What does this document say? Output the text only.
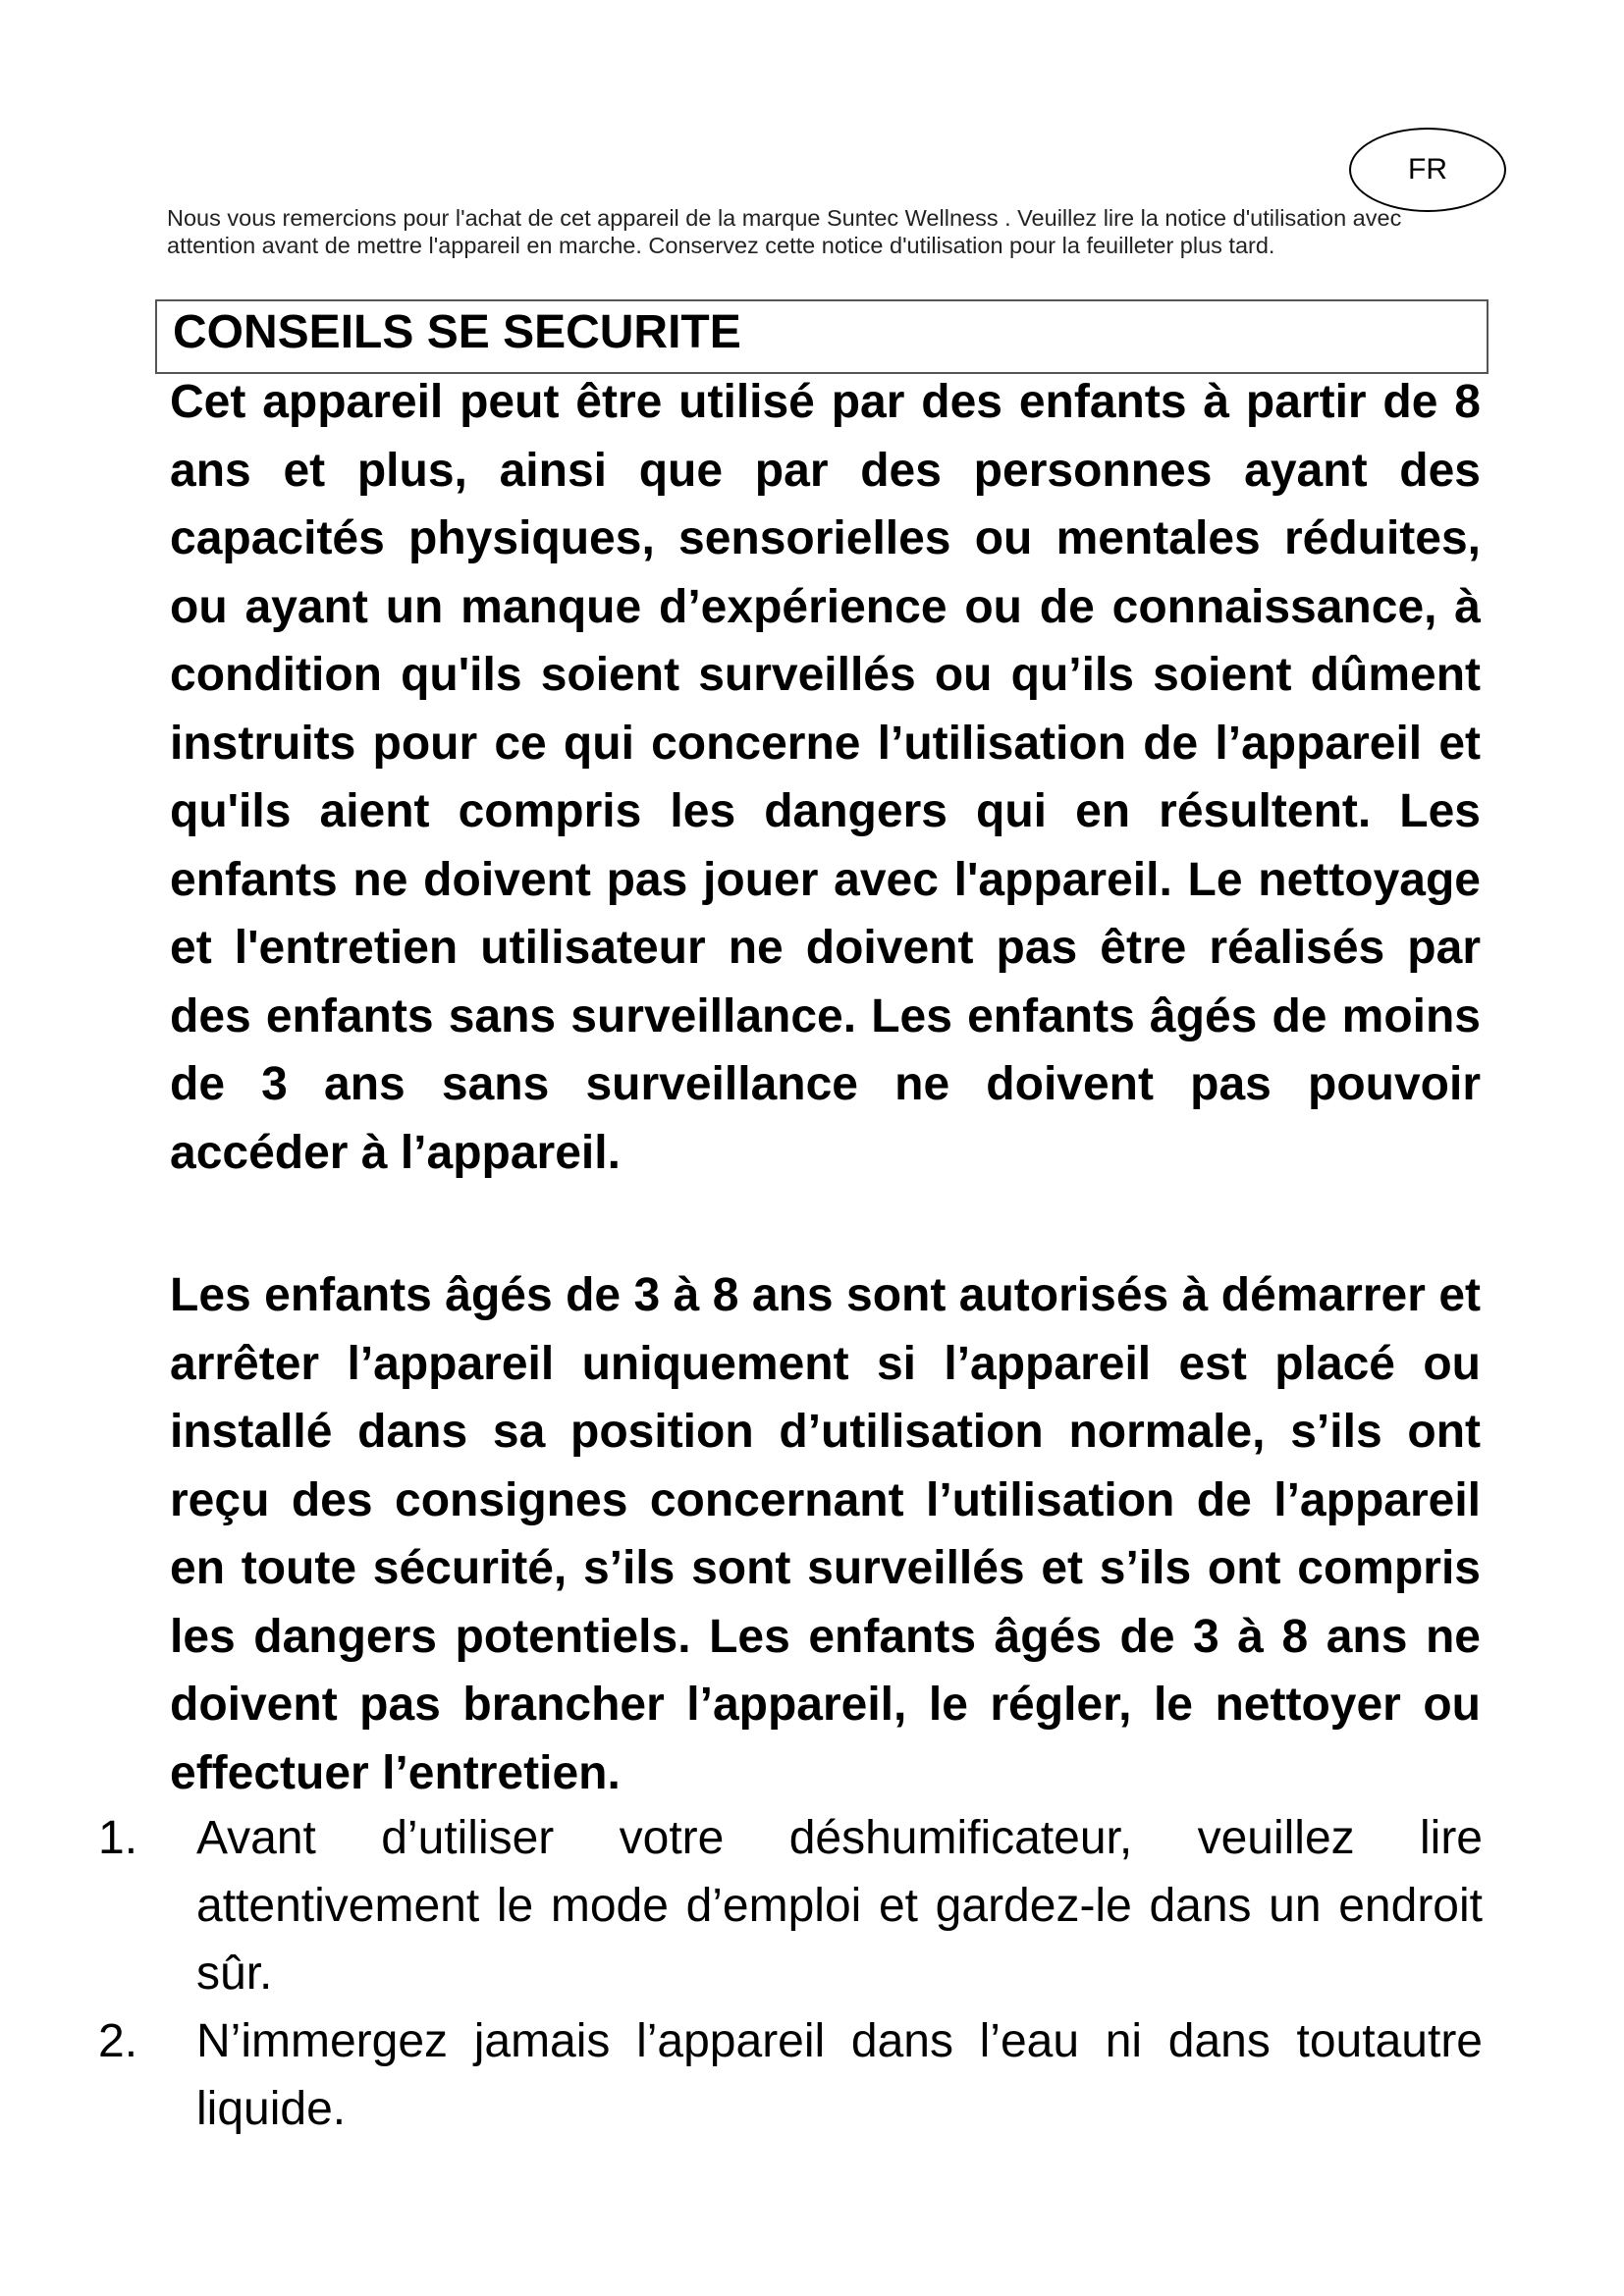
FR
Nous vous remercions pour l'achat de cet appareil de la marque Suntec Wellness . Veuillez lire la notice d'utilisation avec attention avant de mettre l'appareil en marche. Conservez cette notice d'utilisation pour la feuilleter plus tard.
CONSEILS SE SECURITE

Cet appareil peut être utilisé par des enfants à partir de 8 ans et plus, ainsi que par des personnes ayant des capacités physiques, sensorielles ou mentales réduites, ou ayant un manque d’expérience ou de connaissance, à condition qu'ils soient surveillés ou qu’ils soient dûment instruits pour ce qui concerne l’utilisation de l’appareil et qu'ils aient compris les dangers qui en résultent. Les enfants ne doivent pas jouer avec l'appareil. Le nettoyage et l'entretien utilisateur ne doivent pas être réalisés par des enfants sans surveillance. Les enfants âgés de moins de 3 ans sans surveillance ne doivent pas pouvoir accéder à l’appareil.

Les enfants âgés de 3 à 8 ans sont autorisés à démarrer et arrêter l’appareil uniquement si l’appareil est placé ou installé dans sa position d’utilisation normale, s’ils ont reçu des consignes concernant l’utilisation de l’appareil en toute sécurité, s’ils sont surveillés et s’ils ont compris les dangers potentiels. Les enfants âgés de 3 à 8 ans ne doivent pas brancher l’appareil, le régler, le nettoyer ou effectuer l’entretien.

1.	Avant d’utiliser votre déshumificateur, veuillez lire attentivement le mode d’emploi et gardez-le dans un endroit sûr.
2.	N’immergez jamais l’appareil dans l’eau ni dans toutautre liquide.
